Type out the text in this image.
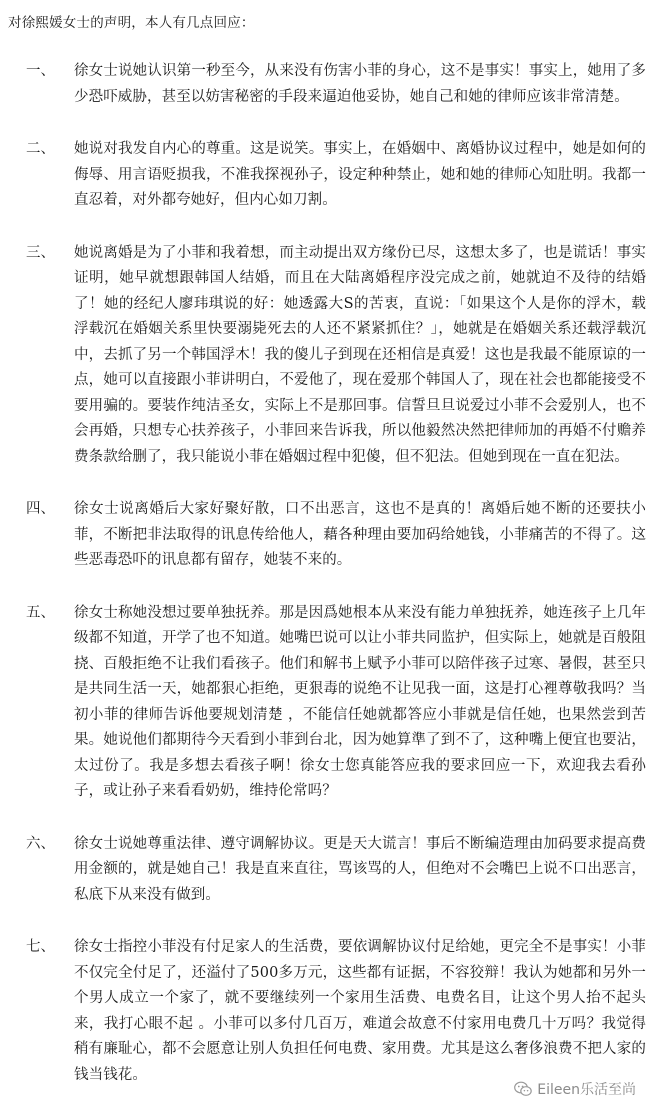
对徐熙媛女士的声明，本人有几点回应：

一、 徐女士说她认识第一秒至今，从来没有伤害小菲的身心，这不是事实！事实上，她用了多少恐吓威胁，甚至以妨害秘密的手段来逼迫他妥协，她自己和她的律师应该非常清楚。

二、 她说对我发自内心的尊重。这是说笑。事实上，在婚姻中、离婚协议过程中，她是如何的侮辱、用言语贬损我，不准我探视孙子，设定种种禁止，她和她的律师心知肚明。我都一直忍着，对外都夸她好，但内心如刀割。

三、 她说离婚是为了小菲和我着想，而主动提出双方缘份已尽，这想太多了，也是谎话！事实证明，她早就想跟韩国人结婚，而且在大陆离婚程序没完成之前，她就迫不及待的结婚了！她的经纪人廖玮琪说的好：她透露大S的苦衷，直说：「如果这个人是你的浮木，载浮载沉在婚姻关系里快要溺毙死去的人还不紧紧抓住？」，她就是在婚姻关系还载浮载沉中，去抓了另一个韩国浮木！我的傻儿子到现在还相信是真爱！这也是我最不能原谅的一点，她可以直接跟小菲讲明白，不爱他了，现在爱那个韩国人了，现在社会也都能接受不要用骗的。要装作纯洁圣女，实际上不是那回事。信誓旦旦说爱过小菲不会爱别人，也不会再婚，只想专心扶养孩子，小菲回来告诉我，所以他毅然决然把律师加的再婚不付赡养费条款给删了，我只能说小菲在婚姻过程中犯傻，但不犯法。但她到现在一直在犯法。

四、 徐女士说离婚后大家好聚好散，口不出恶言，这也不是真的！离婚后她不断的还要扶小菲，不断把非法取得的讯息传给他人，藉各种理由要加码给她钱，小菲痛苦的不得了。这些恶毒恐吓的讯息都有留存，她装不来的。

五、 徐女士称她没想过要单独抚养。那是因爲她根本从来没有能力单独抚养，她连孩子上几年级都不知道，开学了也不知道。她嘴巴说可以让小菲共同监护，但实际上，她就是百般阻挠、百般拒绝不让我们看孩子。他们和解书上赋予小菲可以陪伴孩子过寒、暑假，甚至只是共同生活一天，她都狠心拒绝，更狠毒的说绝不让见我一面，这是打心裡尊敬我吗？当初小菲的律师告诉他要规划清楚 ，不能信任她就都答应小菲就是信任她，也果然尝到苦果。她说他们都期待今天看到小菲到台北，因为她算準了到不了，这种嘴上便宜也要沾，太过份了。我是多想去看孩子啊！徐女士您真能答应我的要求回应一下，欢迎我去看孙子，或让孙子来看看奶奶，维持伦常吗？

六、 徐女士说她尊重法律、遵守调解协议。更是天大谎言！事后不断编造理由加码要求提高费用金额的，就是她自己！我是直来直往，骂该骂的人，但绝对不会嘴巴上说不口出恶言，私底下从来没有做到。

七、 徐女士指控小菲没有付足家人的生活费，要依调解协议付足给她，更完全不是事实！小菲不仅完全付足了，还溢付了500多万元，这些都有证据，不容狡辩！我认为她都和另外一个男人成立一个家了，就不要继续列一个家用生活费、电费名目，让这个男人抬不起头来，我打心眼不起 。小菲可以多付几百万，难道会故意不付家用电费几十万吗？我觉得稍有廉耻心，都不会愿意让别人负担任何电费、家用费。尤其是这么奢侈浪费不把人家的钱当钱花。

Eileen乐活至尚
